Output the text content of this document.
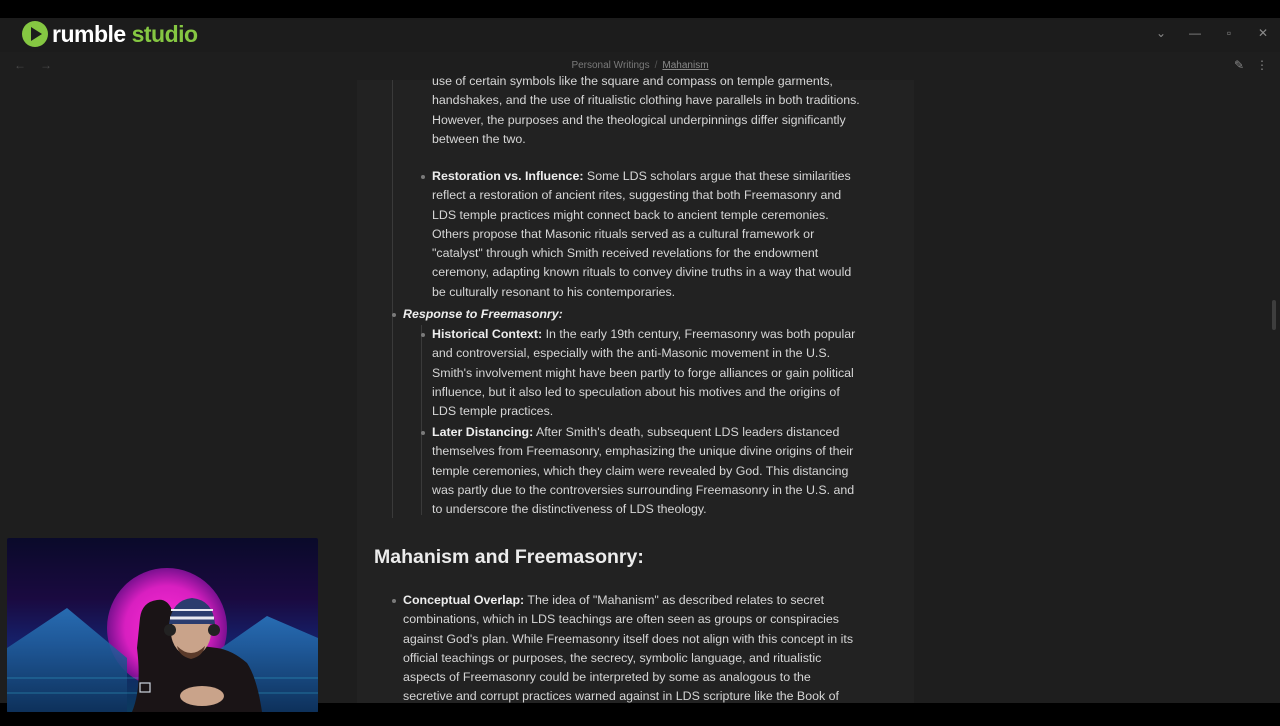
rumble studio	⌄ —	▫	✕
← →	Personal Writings / Mahanism	✎ ⋮
use of certain symbols like the square and compass on temple garments,
handshakes, and the use of ritualistic clothing have parallels in both traditions.
However, the purposes and the theological underpinnings differ significantly
between the two.
Restoration vs. Influence: Some LDS scholars argue that these similarities
reflect a restoration of ancient rites, suggesting that both Freemasonry and
LDS temple practices might connect back to ancient temple ceremonies.
Others propose that Masonic rituals served as a cultural framework or
"catalyst" through which Smith received revelations for the endowment
ceremony, adapting known rituals to convey divine truths in a way that would
be culturally resonant to his contemporaries.
Response to Freemasonry:
Historical Context: In the early 19th century, Freemasonry was both popular
and controversial, especially with the anti-Masonic movement in the U.S.
Smith's involvement might have been partly to forge alliances or gain political
influence, but it also led to speculation about his motives and the origins of
LDS temple practices.
Later Distancing: After Smith's death, subsequent LDS leaders distanced
themselves from Freemasonry, emphasizing the unique divine origins of their
temple ceremonies, which they claim were revealed by God. This distancing
was partly due to the controversies surrounding Freemasonry in the U.S. and
to underscore the distinctiveness of LDS theology.
Mahanism and Freemasonry:
Conceptual Overlap: The idea of "Mahanism" as described relates to secret
combinations, which in LDS teachings are often seen as groups or conspiracies
against God's plan. While Freemasonry itself does not align with this concept in its
official teachings or purposes, the secrecy, symbolic language, and ritualistic
aspects of Freemasonry could be interpreted by some as analogous to the
secretive and corrupt practices warned against in LDS scripture like the Book of
